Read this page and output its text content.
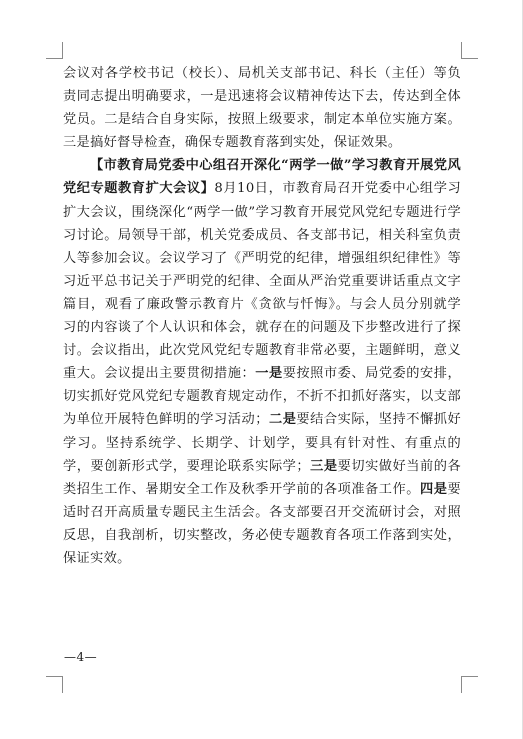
会议对各学校书记（校长）、局机关支部书记、科长（主任）等负责同志提出明确要求，一是迅速将会议精神传达下去，传达到全体党员。二是结合自身实际，按照上级要求，制定本单位实施方案。三是搞好督导检查，确保专题教育落到实处，保证效果。

【市教育局党委中心组召开深化“两学一做”学习教育开展党风党纪专题教育扩大会议】8月10日，市教育局召开党委中心组学习扩大会议，围绕深化“两学一做”学习教育开展党风党纪专题进行学习讨论。局领导干部，机关党委成员、各支部书记，相关科室负责人等参加会议。会议学习了《严明党的纪律，增强组织纪律性》等习近平总书记关于严明党的纪律、全面从严治党重要讲话重点文字篇目，观看了廉政警示教育片《贪欲与忏悔》。与会人员分别就学习的内容谈了个人认识和体会，就存在的问题及下步整改进行了探讨。会议指出，此次党风党纪专题教育非常必要，主题鲜明，意义重大。会议提出主要贯彻措施：一是要按照市委、局党委的安排，切实抓好党风党纪专题教育规定动作，不折不扣抓好落实，以支部为单位开展特色鲜明的学习活动；二是要结合实际，坚持不懈抓好学习。坚持系统学、长期学、计划学，要具有针对性、有重点的学，要创新形式学，要理论联系实际学；三是要切实做好当前的各类招生工作、暑期安全工作及秋季开学前的各项准备工作。四是要适时召开高质量专题民主生活会。各支部要召开交流研讨会，对照反思，自我剖析，切实整改，务必使专题教育各项工作落到实处，保证实效。

—4—
